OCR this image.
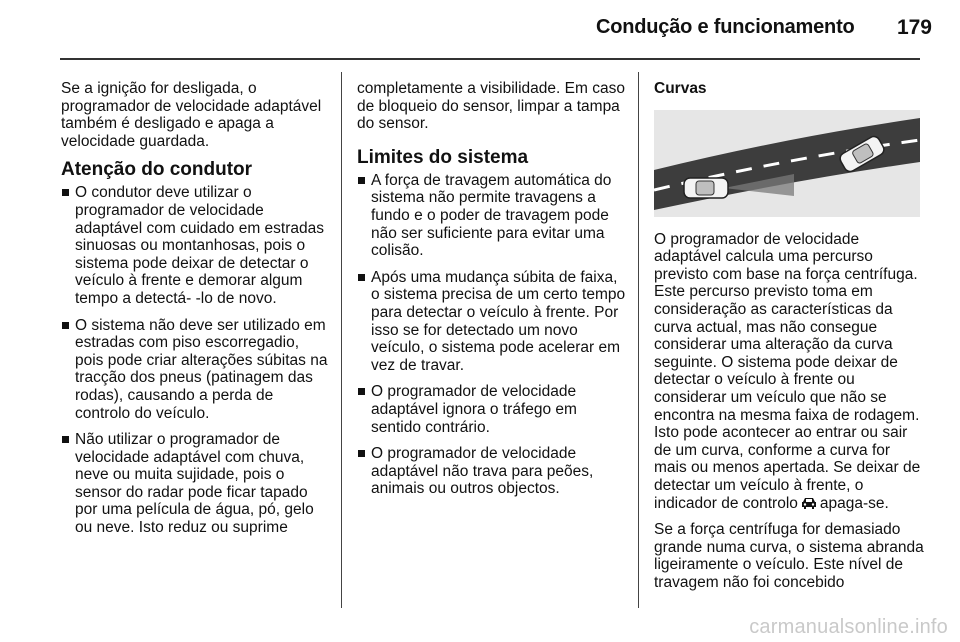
Condução e funcionamento	179

Se a ignição for desligada, o programador de velocidade adaptável também é desligado e apaga a velocidade guardada.

Atenção do condutor
O condutor deve utilizar o programador de velocidade adaptável com cuidado em estradas sinuosas ou montanhosas, pois o sistema pode deixar de detectar o veículo à frente e demorar algum tempo a detectá- -lo de novo.
O sistema não deve ser utilizado em estradas com piso escorregadio, pois pode criar alterações súbitas na tracção dos pneus (patinagem das rodas), causando a perda de controlo do veículo.
Não utilizar o programador de velocidade adaptável com chuva, neve ou muita sujidade, pois o sensor do radar pode ficar tapado por uma película de água, pó, gelo ou neve. Isto reduz ou suprime

completamente a visibilidade. Em caso de bloqueio do sensor, limpar a tampa do sensor.

Limites do sistema
A força de travagem automática do sistema não permite travagens a fundo e o poder de travagem pode não ser suficiente para evitar uma colisão.
Após uma mudança súbita de faixa, o sistema precisa de um certo tempo para detectar o veículo à frente. Por isso se for detectado um novo veículo, o sistema pode acelerar em vez de travar.
O programador de velocidade adaptável ignora o tráfego em sentido contrário.
O programador de velocidade adaptável não trava para peões, animais ou outros objectos.
Curvas

O programador de velocidade adaptável calcula uma percurso previsto com base na força centrífuga. Este percurso previsto toma em consideração as características da curva actual, mas não consegue considerar uma alteração da curva seguinte. O sistema pode deixar de detectar o veículo à frente ou considerar um veículo que não se encontra na mesma faixa de rodagem. Isto pode acontecer ao entrar ou sair de um curva, conforme a curva for mais ou menos apertada. Se deixar de detectar um veículo à frente, o indicador de controlo apaga-se.

Se a força centrífuga for demasiado grande numa curva, o sistema abranda ligeiramente o veículo. Este nível de travagem não foi concebido

carmanualsonline.info
